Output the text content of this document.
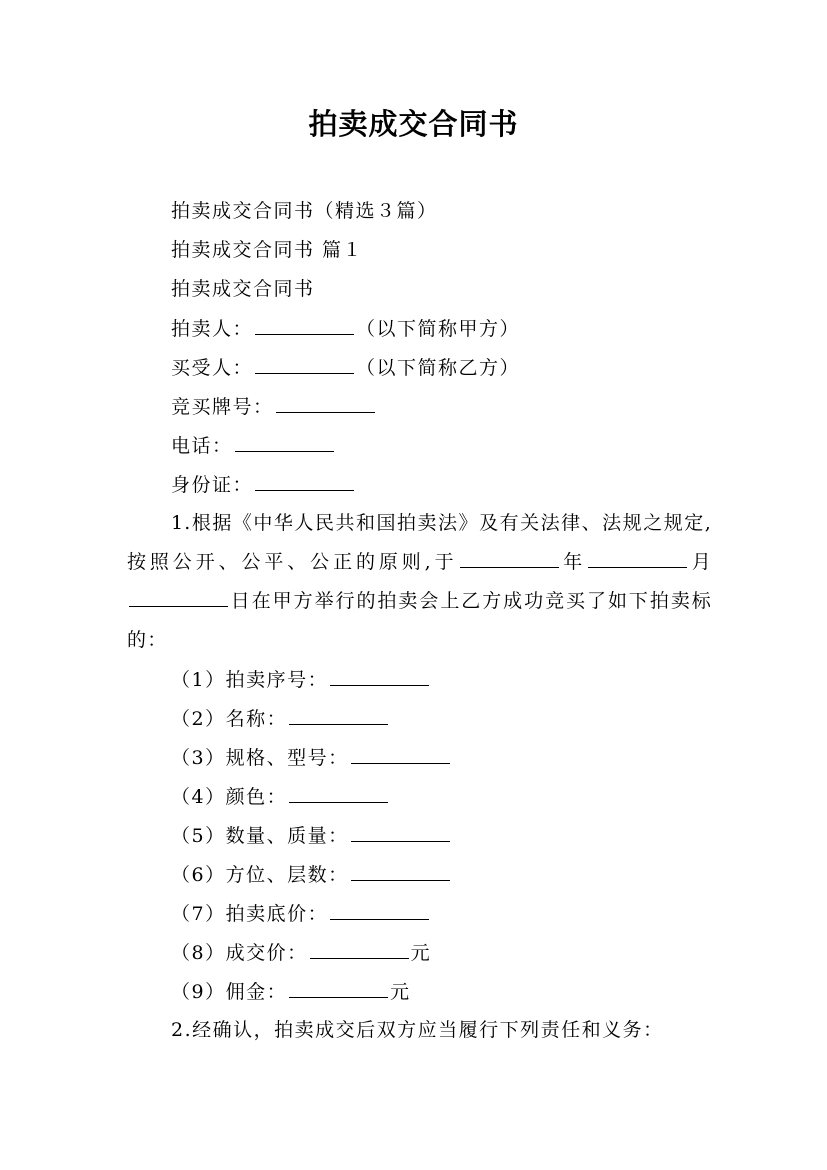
拍卖成交合同书
拍卖成交合同书（精选３篇）
拍卖成交合同书 篇１
拍卖成交合同书
拍卖人：	（以下简称甲方）
买受人：	（以下简称乙方）
竞买牌号：
电话：
身份证：
1.根据《中华人民共和国拍卖法》及有关法律、法规之规定,按照公开、公平、公正的原则,于	年	月日在甲方举行的拍卖会上乙方成功竞买了如下拍卖标的：
（1）拍卖序号：
（2）名称：
（3）规格、型号：
（4）颜色：
（5）数量、质量：
（6）方位、层数：
（7）拍卖底价：
（8）成交价：	元
（9）佣金：	元
2.经确认，拍卖成交后双方应当履行下列责任和义务：
